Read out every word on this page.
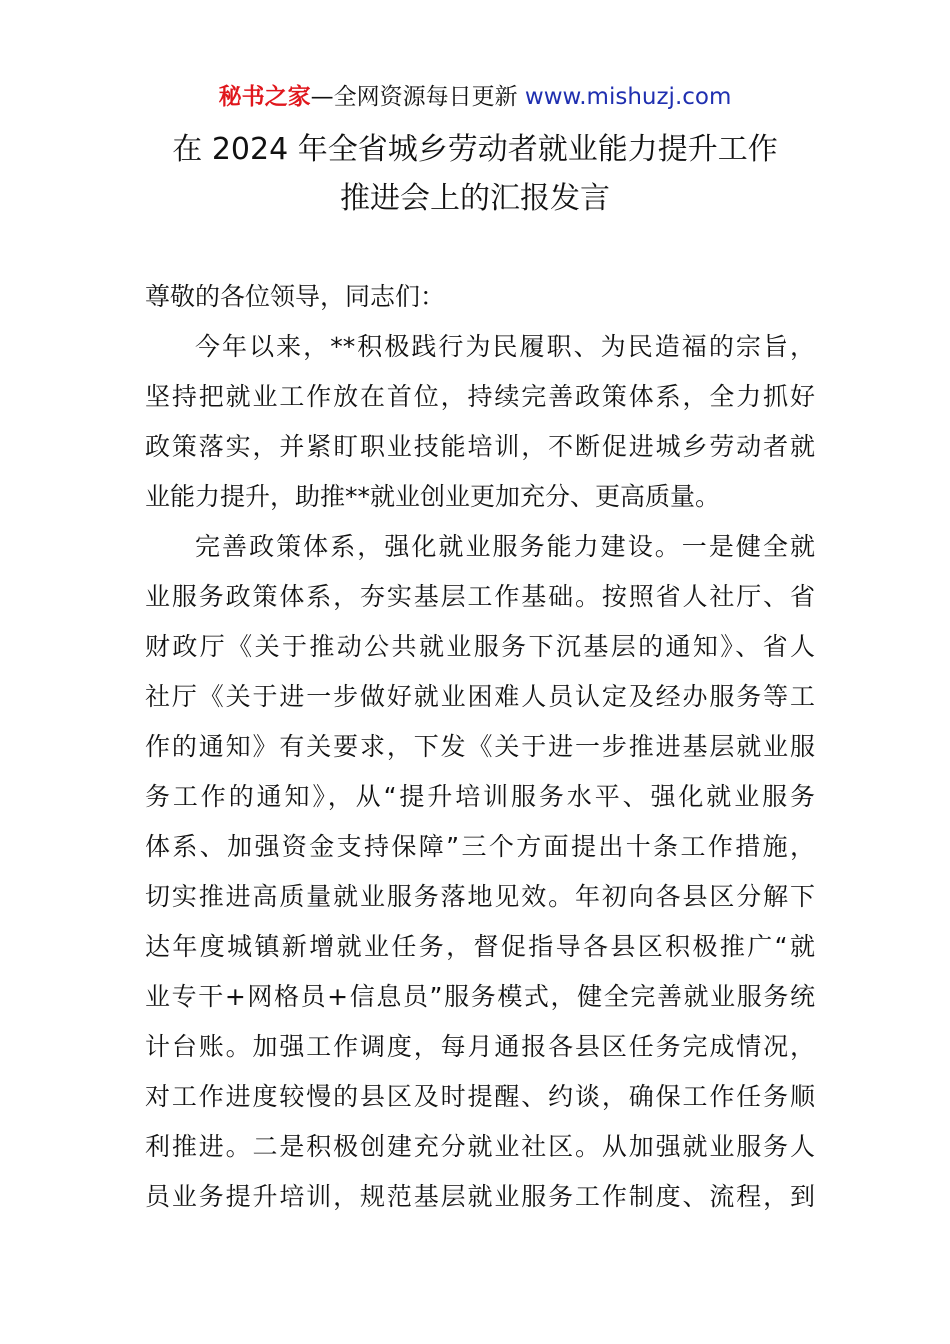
秘书之家—全网资源每日更新 www.mishuzj.com
在 2024 年全省城乡劳动者就业能力提升工作
推进会上的汇报发言
尊敬的各位领导，同志们：
今年以来，**积极践行为民履职、为民造福的宗旨，
坚持把就业工作放在首位，持续完善政策体系，全力抓好
政策落实，并紧盯职业技能培训，不断促进城乡劳动者就
业能力提升，助推**就业创业更加充分、更高质量。
完善政策体系，强化就业服务能力建设。一是健全就
业服务政策体系，夯实基层工作基础。按照省人社厅、省
财政厅《关于推动公共就业服务下沉基层的通知》、省人
社厅《关于进一步做好就业困难人员认定及经办服务等工
作的通知》有关要求，下发《关于进一步推进基层就业服
务工作的通知》，从“提升培训服务水平、强化就业服务
体系、加强资金支持保障”三个方面提出十条工作措施，
切实推进高质量就业服务落地见效。年初向各县区分解下
达年度城镇新增就业任务，督促指导各县区积极推广“就
业专干+网格员+信息员”服务模式，健全完善就业服务统
计台账。加强工作调度，每月通报各县区任务完成情况，
对工作进度较慢的县区及时提醒、约谈，确保工作任务顺
利推进。二是积极创建充分就业社区。从加强就业服务人
员业务提升培训，规范基层就业服务工作制度、流程，到
